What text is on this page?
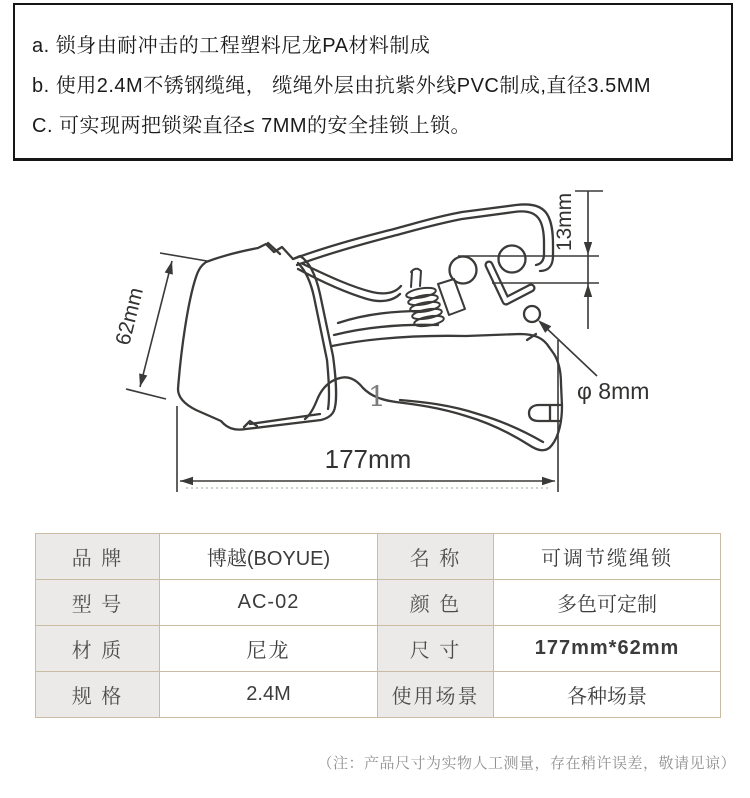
a. 锁身由耐冲击的工程塑料尼龙PA材料制成

b. 使用2.4M不锈钢缆绳， 缆绳外层由抗紫外线PVC制成,直径3.5MM

C. 可实现两把锁梁直径≤ 7MM的安全挂锁上锁。

62mm
13mm
177mm
φ 8mm
1
品 牌	博越(BOYUE)	名 称	可调节缆绳锁
型 号	AC-02	颜 色	多色可定制
材 质	尼龙	尺 寸	177mm*62mm
规 格	2.4M	使用场景	各种场景
（注：产品尺寸为实物人工测量，存在稍许误差，敬请见谅）
